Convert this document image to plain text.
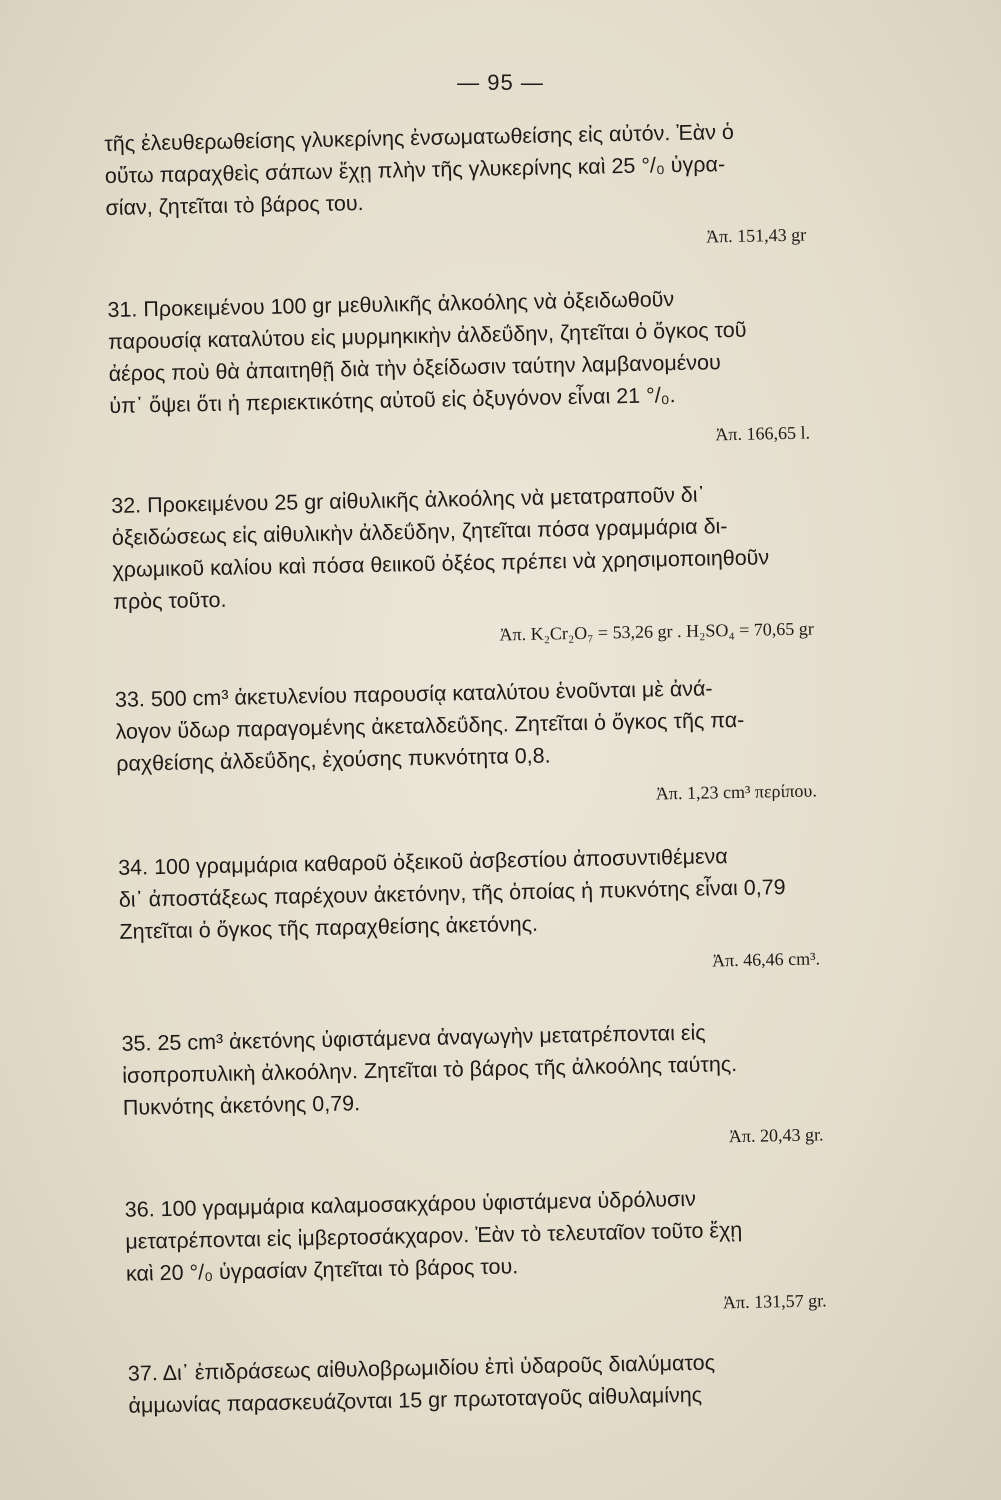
— 95 —
τῆς ἐλευθερωθείσης γλυκερίνης ἐνσωματωθείσης εἰς αὐτόν. Ἐὰν ὁ
οὕτω παραχθεὶς σάπων ἔχῃ πλὴν τῆς γλυκερίνης καὶ 25 °/₀ ὑγρα-
σίαν, ζητεῖται τὸ βάρος του.
Ἀπ. 151,43 gr
31. Προκειμένου 100 gr μεθυλικῆς ἀλκοόλης νὰ ὀξειδωθοῦν
παρουσίᾳ καταλύτου εἰς μυρμηκικὴν ἀλδεΰδην, ζητεῖται ὁ ὄγκος τοῦ
ἀέρος ποὺ θὰ ἀπαιτηθῇ διὰ τὴν ὀξείδωσιν ταύτην λαμβανομένου
ὑπ᾽ ὄψει ὅτι ἡ περιεκτικότης αὐτοῦ εἰς ὀξυγόνον εἶναι 21 °/₀.
Ἀπ. 166,65 l.
32. Προκειμένου 25 gr αἰθυλικῆς ἀλκοόλης νὰ μετατραποῦν δι᾽
ὀξειδώσεως εἰς αἰθυλικὴν ἀλδεΰδην, ζητεῖται πόσα γραμμάρια δι-
χρωμικοῦ καλίου καὶ πόσα θειικοῦ ὀξέος πρέπει νὰ χρησιμοποιηθοῦν
πρὸς τοῦτο.
Ἀπ. K₂Cr₂O₇ = 53,26 gr . H₂SO₄ = 70,65 gr
33. 500 cm³ ἀκετυλενίου παρουσίᾳ καταλύτου ἑνοῦνται μὲ ἀνά-
λογον ὕδωρ παραγομένης ἀκεταλδεΰδης. Ζητεῖται ὁ ὄγκος τῆς πα-
ραχθείσης ἀλδεΰδης, ἐχούσης πυκνότητα 0,8.
Ἀπ. 1,23 cm³ περίπου.
34. 100 γραμμάρια καθαροῦ ὀξεικοῦ ἀσβεστίου ἀποσυντιθέμενα
δι᾽ ἀποστάξεως παρέχουν ἀκετόνην, τῆς ὁποίας ἡ πυκνότης εἶναι 0,79
Ζητεῖται ὁ ὄγκος τῆς παραχθείσης ἀκετόνης.
Ἀπ. 46,46 cm³.
35. 25 cm³ ἀκετόνης ὑφιστάμενα ἀναγωγὴν μετατρέπονται εἰς
ἰσοπροπυλικὴ ἀλκοόλην. Ζητεῖται τὸ βάρος τῆς ἀλκοόλης ταύτης.
Πυκνότης ἀκετόνης 0,79.
Ἀπ. 20,43 gr.
36. 100 γραμμάρια καλαμοσακχάρου ὑφιστάμενα ὑδρόλυσιν
μετατρέπονται εἰς ἰμβερτοσάκχαρον. Ἐὰν τὸ τελευταῖον τοῦτο ἔχῃ
καὶ 20 °/₀ ὑγρασίαν ζητεῖται τὸ βάρος του.
Ἀπ. 131,57 gr.
37. Δι᾽ ἐπιδράσεως αἰθυλοβρωμιδίου ἐπὶ ὑδαροῦς διαλύματος
ἀμμωνίας παρασκευάζονται 15 gr πρωτοταγοῦς αἰθυλαμίνης
